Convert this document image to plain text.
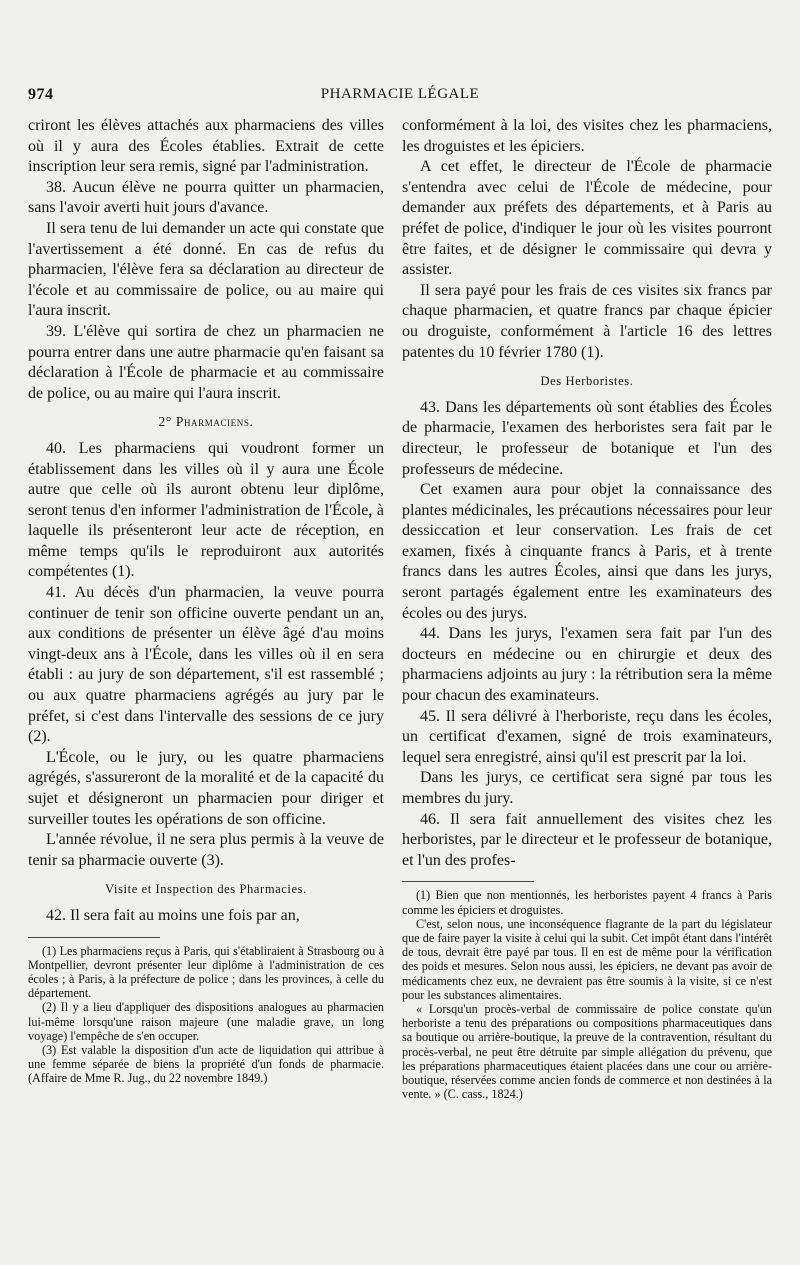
974	PHARMACIE LÉGALE

criront les élèves attachés aux pharmaciens des villes où il y aura des Écoles établies. Extrait de cette inscription leur sera remis, signé par l'administration.

38. Aucun élève ne pourra quitter un pharmacien, sans l'avoir averti huit jours d'avance.

Il sera tenu de lui demander un acte qui constate que l'avertissement a été donné. En cas de refus du pharmacien, l'élève fera sa déclaration au directeur de l'école et au commissaire de police, ou au maire qui l'aura inscrit.

39. L'élève qui sortira de chez un pharmacien ne pourra entrer dans une autre pharmacie qu'en faisant sa déclaration à l'École de pharmacie et au commissaire de police, ou au maire qui l'aura inscrit.

2° Pharmaciens.

40. Les pharmaciens qui voudront former un établissement dans les villes où il y aura une École autre que celle où ils auront obtenu leur diplôme, seront tenus d'en informer l'administration de l'École, à laquelle ils présenteront leur acte de réception, en même temps qu'ils le reproduiront aux autorités compétentes (1).

41. Au décès d'un pharmacien, la veuve pourra continuer de tenir son officine ouverte pendant un an, aux conditions de présenter un élève âgé d'au moins vingt-deux ans à l'École, dans les villes où il en sera établi : au jury de son département, s'il est rassemblé ; ou aux quatre pharmaciens agrégés au jury par le préfet, si c'est dans l'intervalle des sessions de ce jury (2).

L'École, ou le jury, ou les quatre pharmaciens agrégés, s'assureront de la moralité et de la capacité du sujet et désigneront un pharmacien pour diriger et surveiller toutes les opérations de son officine.

L'année révolue, il ne sera plus permis à la veuve de tenir sa pharmacie ouverte (3).

Visite et Inspection des Pharmacies.

42. Il sera fait au moins une fois par an,

(1) Les pharmaciens reçus à Paris, qui s'établiraient à Strasbourg ou à Montpellier, devront présenter leur diplôme à l'administration de ces écoles ; à Paris, à la préfecture de police ; dans les provinces, à celle du département.

(2) Il y a lieu d'appliquer des dispositions analogues au pharmacien lui-même lorsqu'une raison majeure (une maladie grave, un long voyage) l'empêche de s'en occuper.

(3) Est valable la disposition d'un acte de liquidation qui attribue à une femme séparée de biens la propriété d'un fonds de pharmacie. (Affaire de Mme R. Jug., du 22 novembre 1849.)

conformément à la loi, des visites chez les pharmaciens, les droguistes et les épiciers.

A cet effet, le directeur de l'École de pharmacie s'entendra avec celui de l'École de médecine, pour demander aux préfets des départements, et à Paris au préfet de police, d'indiquer le jour où les visites pourront être faites, et de désigner le commissaire qui devra y assister.

Il sera payé pour les frais de ces visites six francs par chaque pharmacien, et quatre francs par chaque épicier ou droguiste, conformément à l'article 16 des lettres patentes du 10 février 1780 (1).

Des Herboristes.

43. Dans les départements où sont établies des Écoles de pharmacie, l'examen des herboristes sera fait par le directeur, le professeur de botanique et l'un des professeurs de médecine.

Cet examen aura pour objet la connaissance des plantes médicinales, les précautions nécessaires pour leur dessiccation et leur conservation. Les frais de cet examen, fixés à cinquante francs à Paris, et à trente francs dans les autres Écoles, ainsi que dans les jurys, seront partagés également entre les examinateurs des écoles ou des jurys.

44. Dans les jurys, l'examen sera fait par l'un des docteurs en médecine ou en chirurgie et deux des pharmaciens adjoints au jury : la rétribution sera la même pour chacun des examinateurs.

45. Il sera délivré à l'herboriste, reçu dans les écoles, un certificat d'examen, signé de trois examinateurs, lequel sera enregistré, ainsi qu'il est prescrit par la loi.

Dans les jurys, ce certificat sera signé par tous les membres du jury.

46. Il sera fait annuellement des visites chez les herboristes, par le directeur et le professeur de botanique, et l'un des profes-

(1) Bien que non mentionnés, les herboristes payent 4 francs à Paris comme les épiciers et droguistes.

C'est, selon nous, une inconséquence flagrante de la part du législateur que de faire payer la visite à celui qui la subit. Cet impôt étant dans l'intérêt de tous, devrait être payé par tous. Il en est de même pour la vérification des poids et mesures. Selon nous aussi, les épiciers, ne devant pas avoir de médicaments chez eux, ne devraient pas être soumis à la visite, si ce n'est pour les substances alimentaires.

« Lorsqu'un procès-verbal de commissaire de police constate qu'un herboriste a tenu des préparations ou compositions pharmaceutiques dans sa boutique ou arrière-boutique, la preuve de la contravention, résultant du procès-verbal, ne peut être détruite par simple allégation du prévenu, que les préparations pharmaceutiques étaient placées dans une cour ou arrière-boutique, réservées comme ancien fonds de commerce et non destinées à la vente. » (C. cass., 1824.)
